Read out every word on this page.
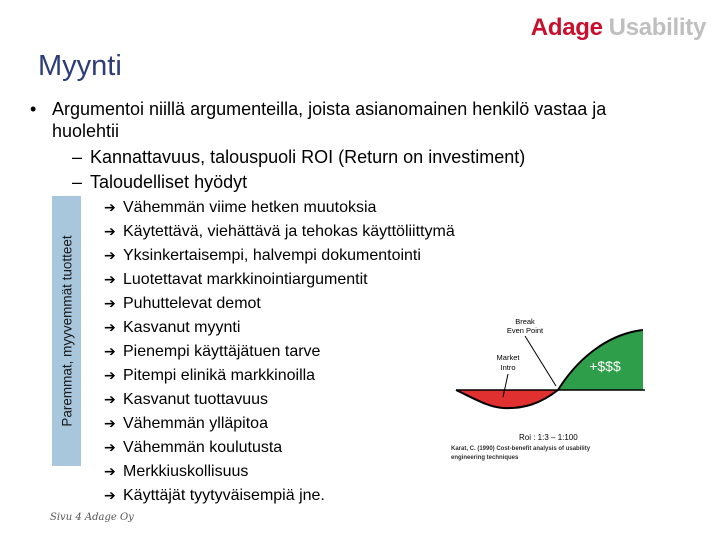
Adage Usability
Myynti
• Argumentoi niillä argumenteilla, joista asianomainen henkilö vastaa ja huolehtii
– Kannattavuus, talouspuoli ROI (Return on investiment)
– Taloudelliset hyödyt
Paremmat, myyvemmät tuotteet
➔ Vähemmän viime hetken muutoksia
➔ Käytettävä, viehättävä ja tehokas käyttöliittymä
➔ Yksinkertaisempi, halvempi dokumentointi
➔ Luotettavat markkinointiargumentit
➔ Puhuttelevat demot
➔ Kasvanut myynti
➔ Pienempi käyttäjätuen tarve
➔ Pitempi elinikä markkinoilla
➔ Kasvanut tuottavuus
➔ Vähemmän ylläpitoa
➔ Vähemmän koulutusta
➔ Merkkiuskollisuus
➔ Käyttäjät tyytyväisempiä jne.
Break
Even Point
Market
Intro	+$$$
-$
Roi : 1:3 – 1:100
Karat, C. (1990) Cost-benefit analysis of usability
engineering techniques
Sivu 4 Adage Oy
